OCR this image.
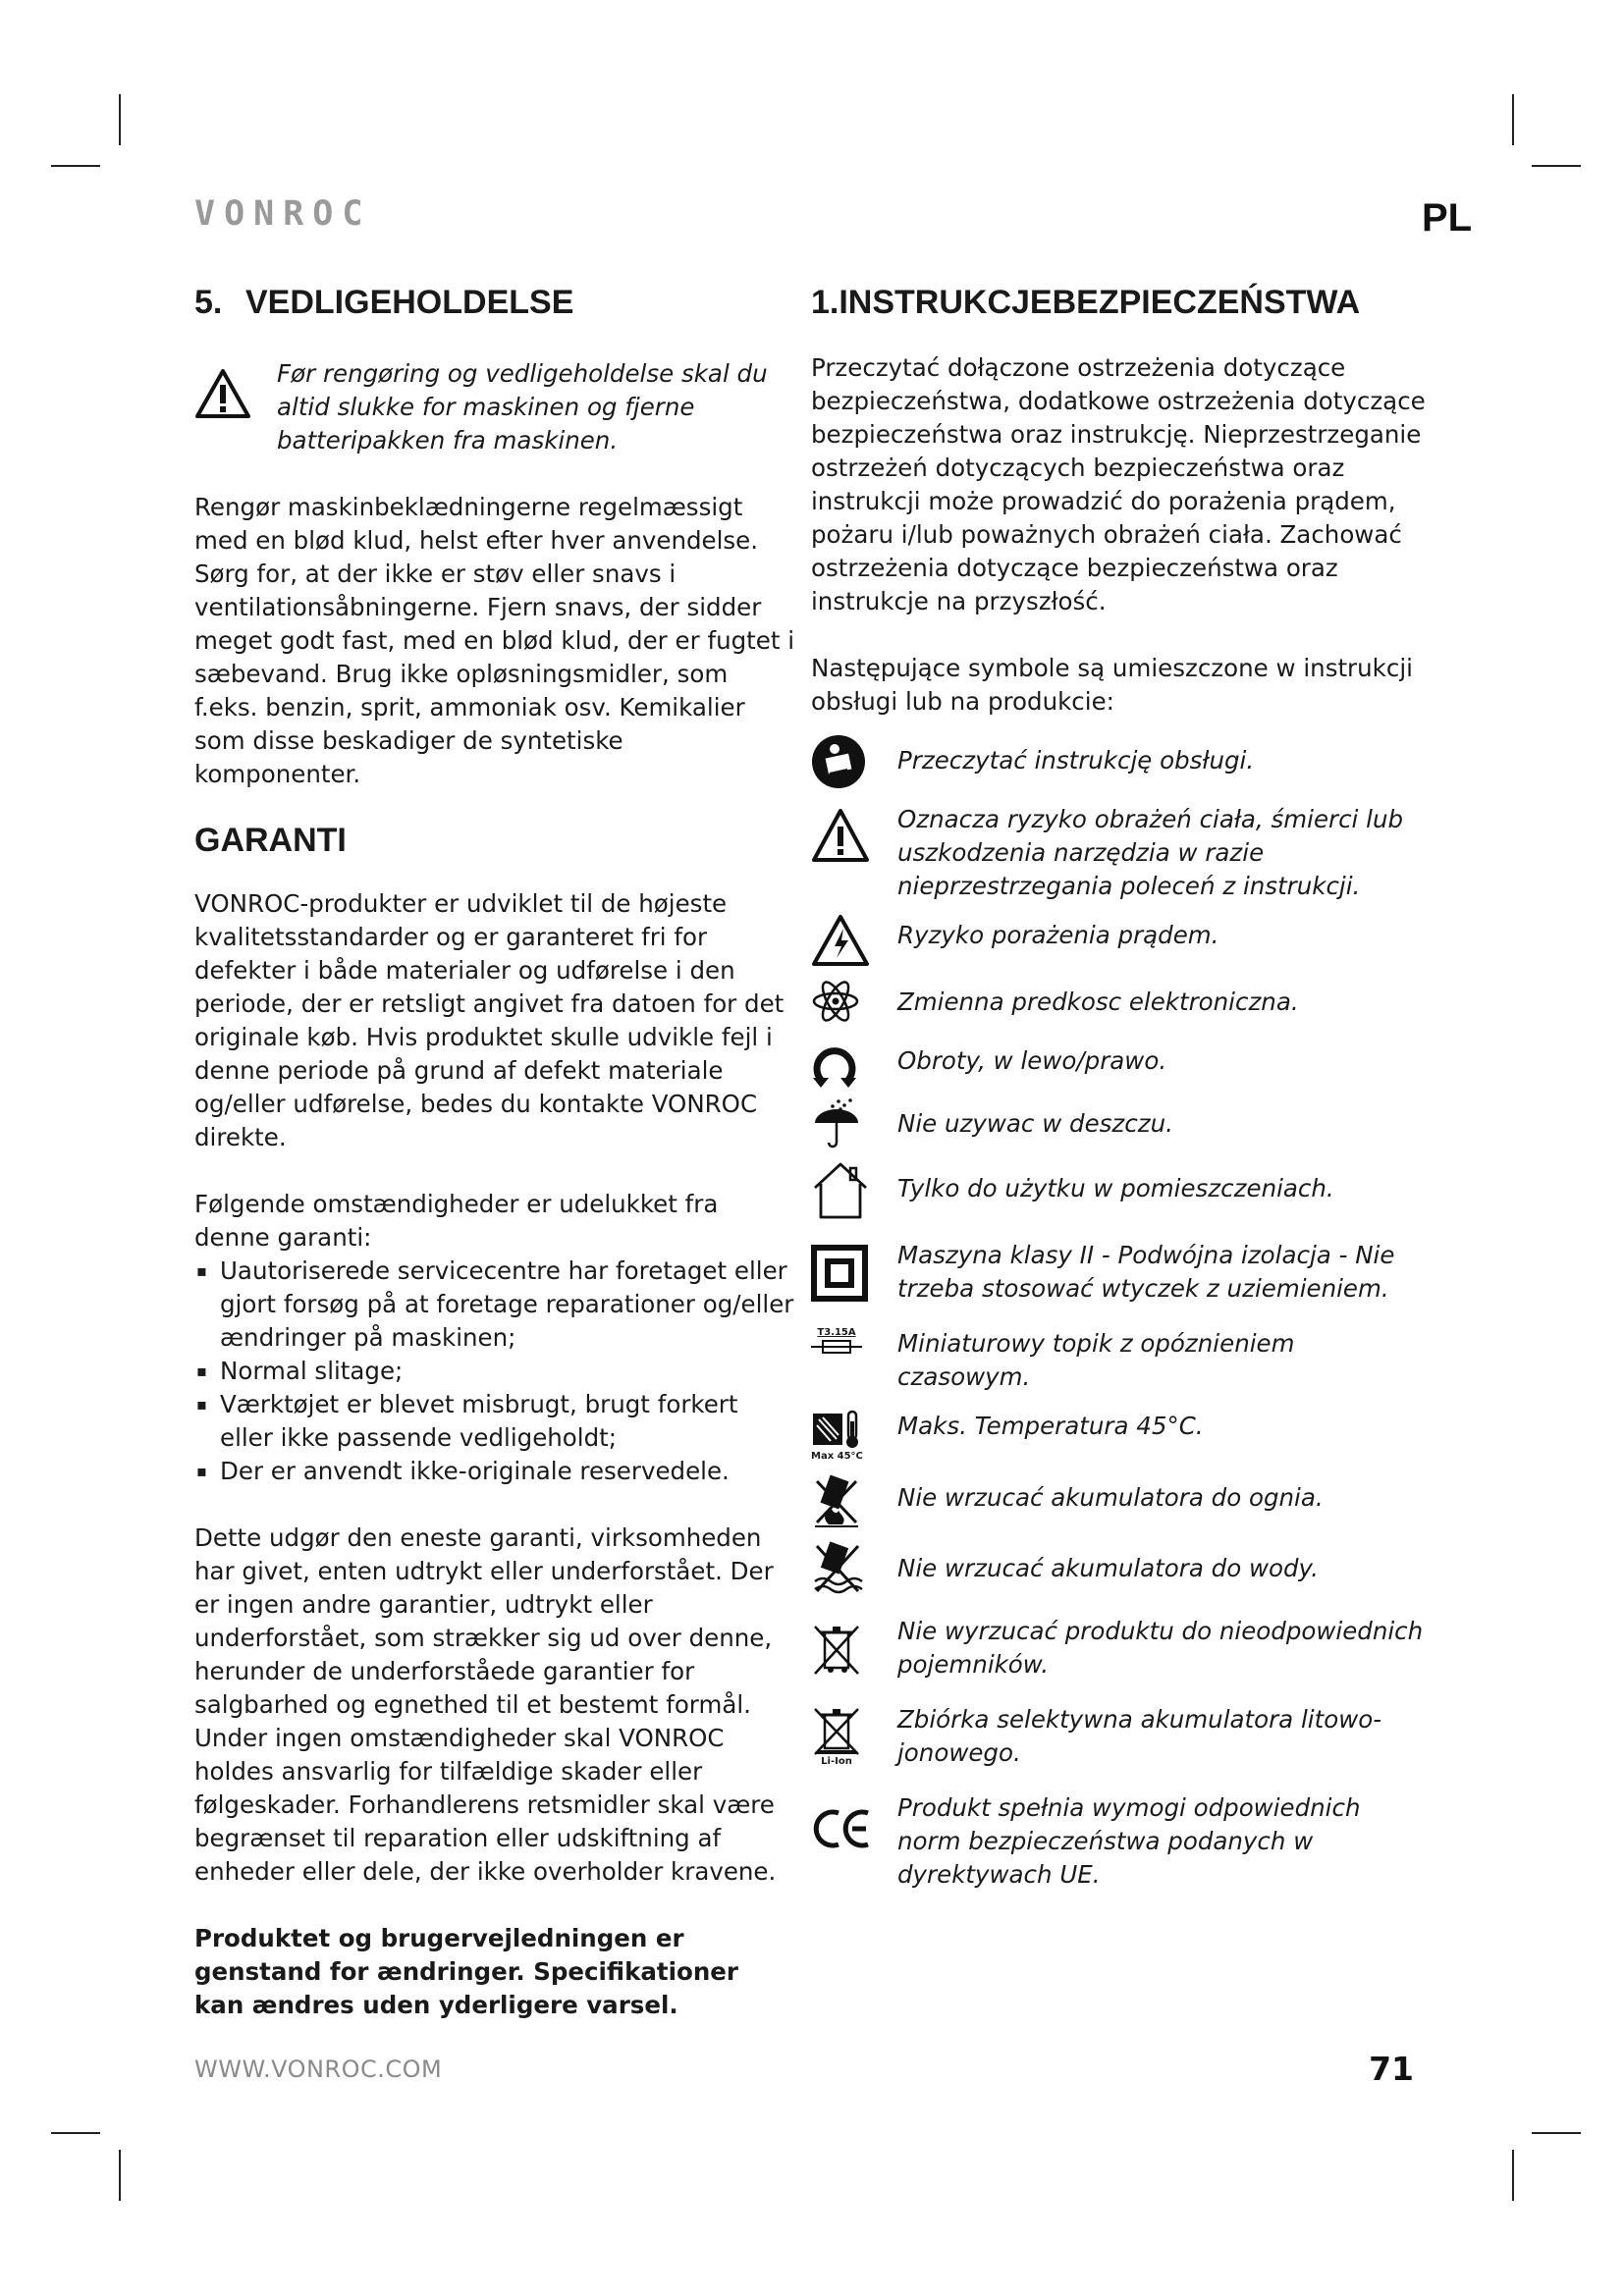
VONROC	PL
5. VEDLIGEHOLDELSE

Før rengøring og vedligeholdelse skal du altid slukke for maskinen og fjerne batteripakken fra maskinen.

Rengør maskinbeklædningerne regelmæssigt med en blød klud, helst efter hver anvendelse. Sørg for, at der ikke er støv eller snavs i ventilationsåbningerne. Fjern snavs, der sidder meget godt fast, med en blød klud, der er fugtet i sæbevand. Brug ikke opløsningsmidler, som f.eks. benzin, sprit, ammoniak osv. Kemikalier som disse beskadiger de syntetiske komponenter.

GARANTI

VONROC-produkter er udviklet til de højeste kvalitetsstandarder og er garanteret fri for defekter i både materialer og udførelse i den periode, der er retsligt angivet fra datoen for det originale køb. Hvis produktet skulle udvikle fejl i denne periode på grund af defekt materiale og/eller udførelse, bedes du kontakte VONROC direkte.

Følgende omstændigheder er udelukket fra denne garanti:

▪ Uautoriserede servicecentre har foretaget eller gjort forsøg på at foretage reparationer og/eller ændringer på maskinen;
▪ Normal slitage;
▪ Værktøjet er blevet misbrugt, brugt forkert eller ikke passende vedligeholdt;
▪ Der er anvendt ikke-originale reservedele.

Dette udgør den eneste garanti, virksomheden har givet, enten udtrykt eller underforstået. Der er ingen andre garantier, udtrykt eller underforstået, som strækker sig ud over denne, herunder de underforståede garantier for salgbarhed og egnethed til et bestemt formål. Under ingen omstændigheder skal VONROC holdes ansvarlig for tilfældige skader eller følgeskader. Forhandlerens retsmidler skal være begrænset til reparation eller udskiftning af enheder eller dele, der ikke overholder kravene.

Produktet og brugervejledningen er genstand for ændringer. Specifikationer kan ændres uden yderligere varsel.

1.INSTRUKCJEBEZPIECZEŃSTWA

Przeczytać dołączone ostrzeżenia dotyczące bezpieczeństwa, dodatkowe ostrzeżenia dotyczące bezpieczeństwa oraz instrukcję. Nieprzestrzeganie ostrzeżeń dotyczących bezpieczeństwa oraz instrukcji może prowadzić do porażenia prądem, pożaru i/lub poważnych obrażeń ciała. Zachować ostrzeżenia dotyczące bezpieczeństwa oraz instrukcje na przyszłość.

Następujące symbole są umieszczone w instrukcji obsługi lub na produkcie:

Przeczytać instrukcję obsługi.

Oznacza ryzyko obrażeń ciała, śmierci lub uszkodzenia narzędzia w razie nieprzestrzegania poleceń z instrukcji.

Ryzyko porażenia prądem.

Zmienna predkosc elektroniczna.

Obroty, w lewo/prawo.

Nie uzywac w deszczu.

Tylko do użytku w pomieszczeniach.

Maszyna klasy II - Podwójna izolacja - Nie trzeba stosować wtyczek z uziemieniem.

T3.15A Miniaturowy topik z opóznieniem czasowym.

Max 45°C

Maks. Temperatura 45°C.

Nie wrzucać akumulatora do ognia.

Nie wrzucać akumulatora do wody.

Nie wyrzucać produktu do nieodpowiednich pojemników.

Li-Ion

Zbiórka selektywna akumulatora litowo-jonowego.

Produkt spełnia wymogi odpowiednich norm bezpieczeństwa podanych w dyrektywach UE.

WWW.VONROC.COM	71
